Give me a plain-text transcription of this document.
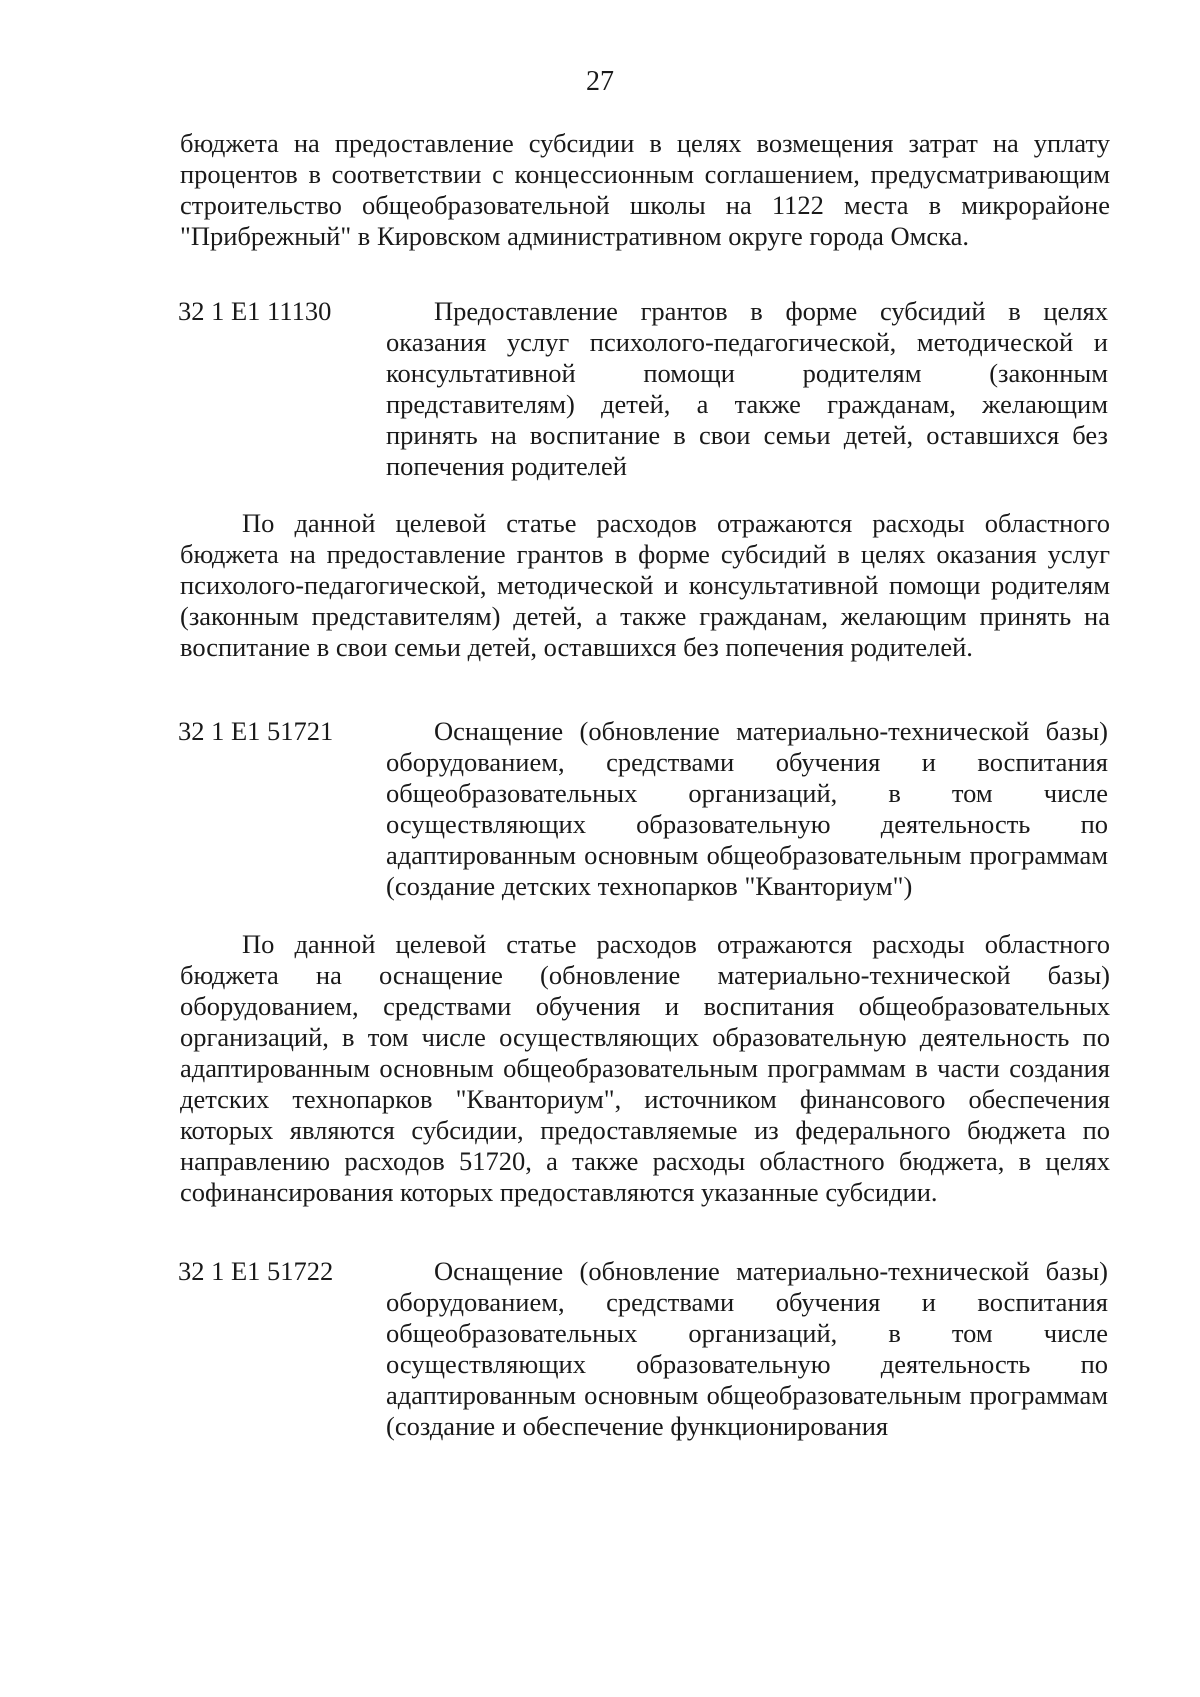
27
бюджета на предоставление субсидии в целях возмещения затрат на уплату процентов в соответствии с концессионным соглашением, предусматривающим строительство общеобразовательной школы на 1122 места в микрорайоне "Прибрежный" в Кировском административном округе города Омска.
32 1 E1 11130	Предоставление грантов в форме субсидий в целях оказания услуг психолого-педагогической, методической и консультативной помощи родителям (законным представителям) детей, а также гражданам, желающим принять на воспитание в свои семьи детей, оставшихся без попечения родителей
По данной целевой статье расходов отражаются расходы областного бюджета на предоставление грантов в форме субсидий в целях оказания услуг психолого-педагогической, методической и консультативной помощи родителям (законным представителям) детей, а также гражданам, желающим принять на воспитание в свои семьи детей, оставшихся без попечения родителей.
32 1 E1 51721	Оснащение (обновление материально-технической базы) оборудованием, средствами обучения и воспитания общеобразовательных организаций, в том числе осуществляющих образовательную деятельность по адаптированным основным общеобразовательным программам (создание детских технопарков "Кванториум")
По данной целевой статье расходов отражаются расходы областного бюджета на оснащение (обновление материально-технической базы) оборудованием, средствами обучения и воспитания общеобразовательных организаций, в том числе осуществляющих образовательную деятельность по адаптированным основным общеобразовательным программам в части создания детских технопарков "Кванториум", источником финансового обеспечения которых являются субсидии, предоставляемые из федерального бюджета по направлению расходов 51720, а также расходы областного бюджета, в целях софинансирования которых предоставляются указанные субсидии.
32 1 E1 51722	Оснащение (обновление материально-технической базы) оборудованием, средствами обучения и воспитания общеобразовательных организаций, в том числе осуществляющих образовательную деятельность по адаптированным основным общеобразовательным программам (создание и обеспечение функционирования
